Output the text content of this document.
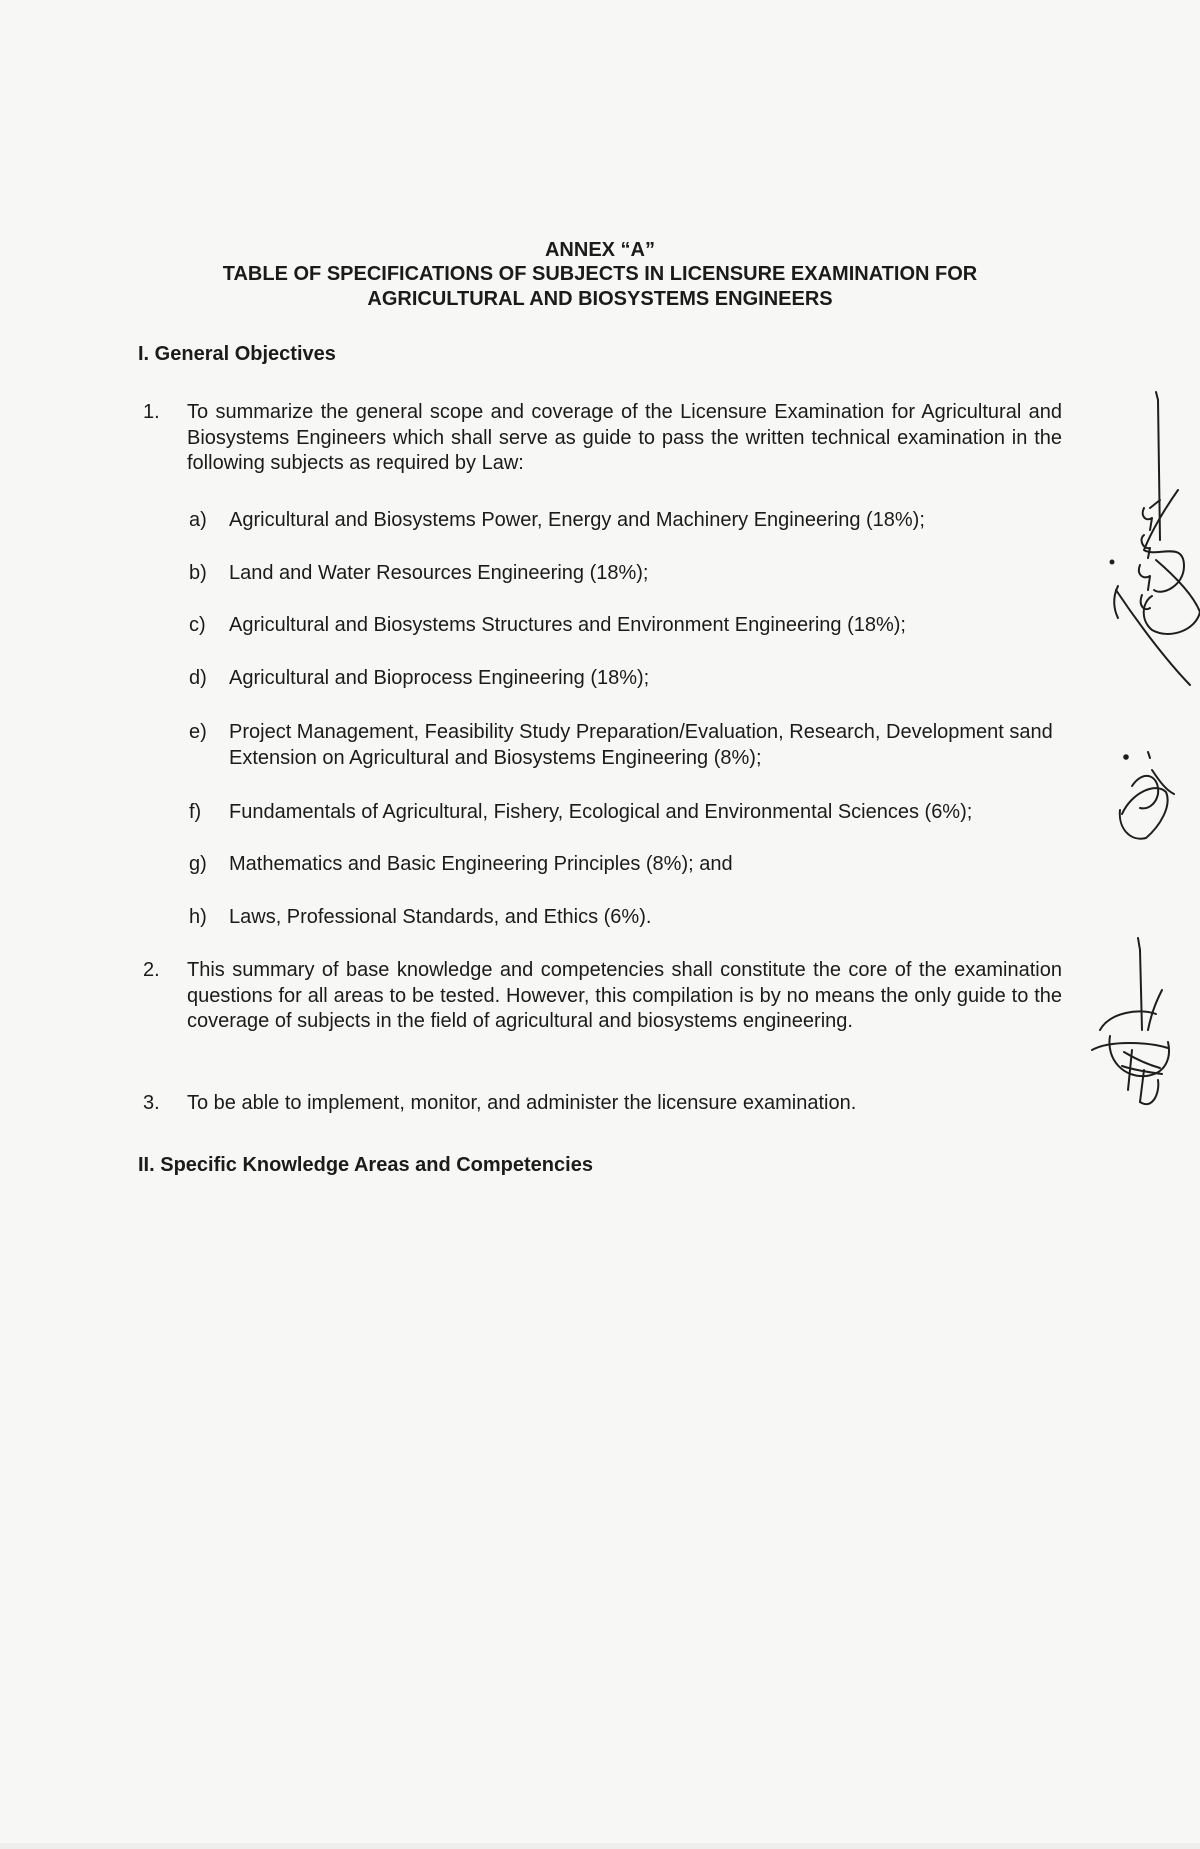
ANNEX “A”
TABLE OF SPECIFICATIONS OF SUBJECTS IN LICENSURE EXAMINATION FOR
AGRICULTURAL AND BIOSYSTEMS ENGINEERS
I. General Objectives
1. To summarize the general scope and coverage of the Licensure Examination for Agricultural and Biosystems Engineers which shall serve as guide to pass the written technical examination in the following subjects as required by Law:
a) Agricultural and Biosystems Power, Energy and Machinery Engineering (18%);
b) Land and Water Resources Engineering (18%);
c) Agricultural and Biosystems Structures and Environment Engineering (18%);
d) Agricultural and Bioprocess Engineering (18%);
e) Project Management, Feasibility Study Preparation/Evaluation, Research, Development sand Extension on Agricultural and Biosystems Engineering (8%);
f) Fundamentals of Agricultural, Fishery, Ecological and Environmental Sciences (6%);
g) Mathematics and Basic Engineering Principles (8%); and
h) Laws, Professional Standards, and Ethics (6%).
2. This summary of base knowledge and competencies shall constitute the core of the examination questions for all areas to be tested. However, this compilation is by no means the only guide to the coverage of subjects in the field of agricultural and biosystems engineering.
3. To be able to implement, monitor, and administer the licensure examination.
II. Specific Knowledge Areas and Competencies
